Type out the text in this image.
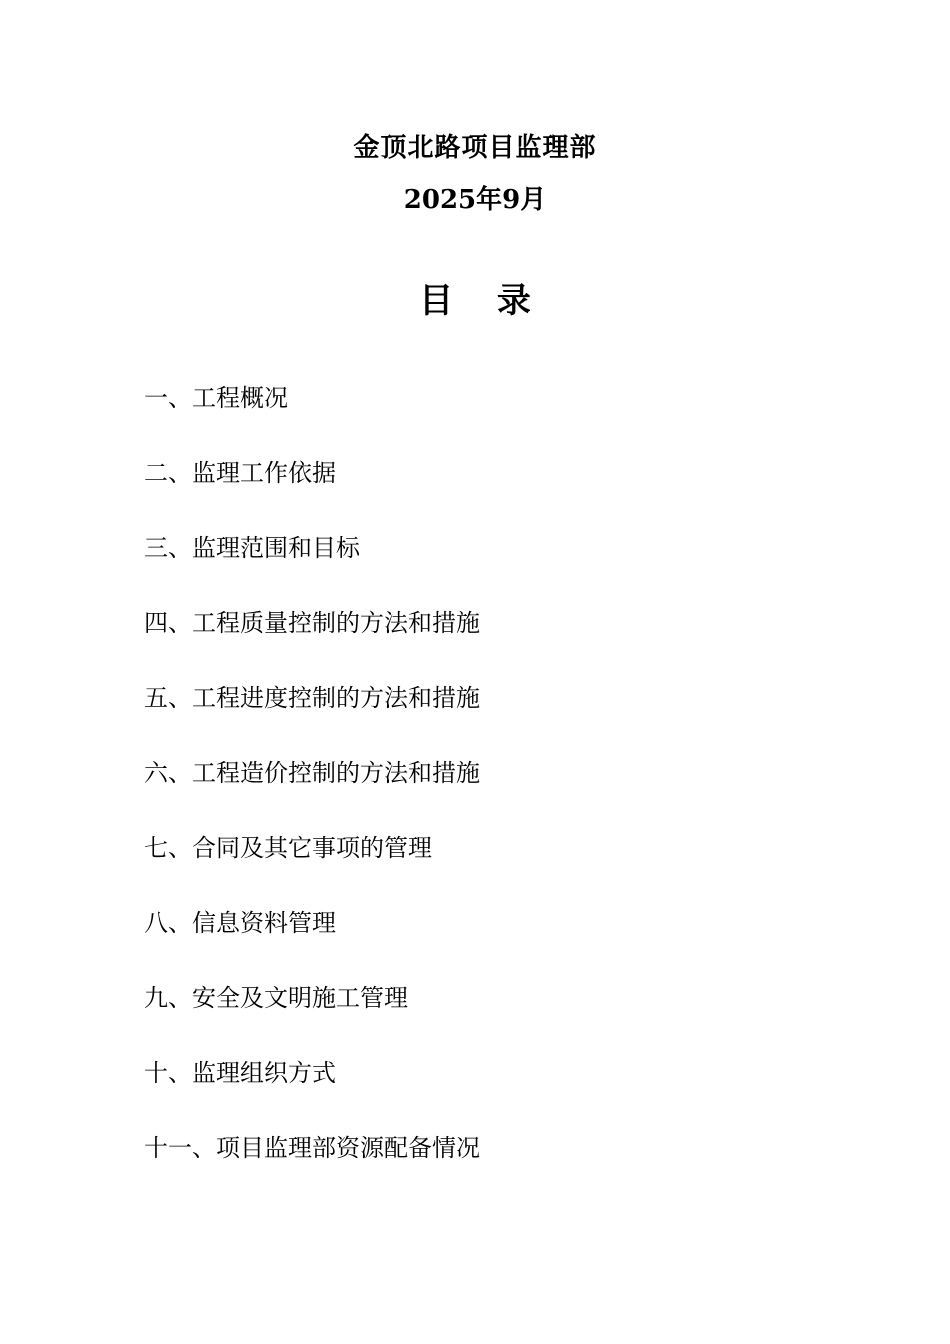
金顶北路项目监理部
2025年9月
目 录
一、工程概况
二、监理工作依据
三、监理范围和目标
四、工程质量控制的方法和措施
五、工程进度控制的方法和措施
六、工程造价控制的方法和措施
七、合同及其它事项的管理
八、信息资料管理
九、安全及文明施工管理
十、监理组织方式
十一、项目监理部资源配备情况
